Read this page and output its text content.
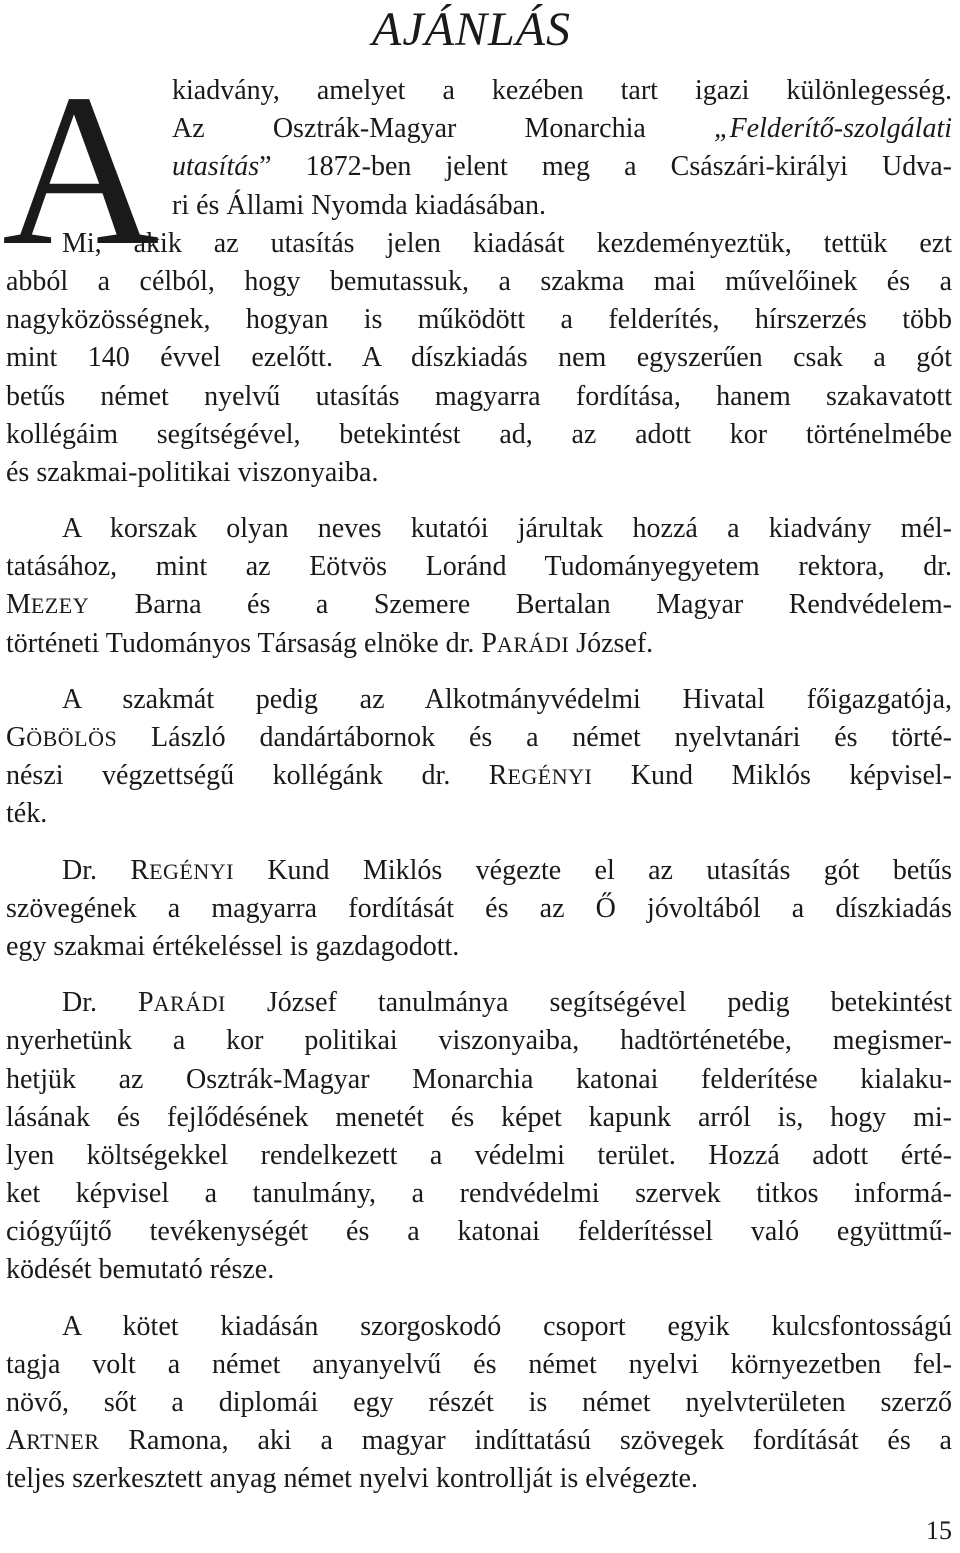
AJÁNLÁS
A kiadvány, amelyet a kezében tart igazi különlegesség.
Az Osztrák-Magyar Monarchia „Felderítő-szolgálati
utasítás” 1872-ben jelent meg a Császári-királyi Udva-
ri és Állami Nyomda kiadásában.
Mi, akik az utasítás jelen kiadását kezdeményeztük, tettük ezt
abból a célból, hogy bemutassuk, a szakma mai művelőinek és a
nagyközösségnek, hogyan is működött a felderítés, hírszerzés több
mint 140 évvel ezelőtt. A díszkiadás nem egyszerűen csak a gót
betűs német nyelvű utasítás magyarra fordítása, hanem szakavatott
kollégáim segítségével, betekintést ad, az adott kor történelmébe
és szakmai-politikai viszonyaiba.
A korszak olyan neves kutatói járultak hozzá a kiadvány mél-
tatásához, mint az Eötvös Loránd Tudományegyetem rektora, dr.
MEZEY Barna és a Szemere Bertalan Magyar Rendvédelem-
történeti Tudományos Társaság elnöke dr. PARÁDI József.
A szakmát pedig az Alkotmányvédelmi Hivatal főigazgatója,
GÖBÖLÖS László dandártábornok és a német nyelvtanári és törté-
nészi végzettségű kollégánk dr. REGÉNYI Kund Miklós képvisel-
ték.
Dr. REGÉNYI Kund Miklós végezte el az utasítás gót betűs
szövegének a magyarra fordítását és az Ő jóvoltából a díszkiadás
egy szakmai értékeléssel is gazdagodott.
Dr. PARÁDI József tanulmánya segítségével pedig betekintést
nyerhetünk a kor politikai viszonyaiba, hadtörténetébe, megismer-
hetjük az Osztrák-Magyar Monarchia katonai felderítése kialaku-
lásának és fejlődésének menetét és képet kapunk arról is, hogy mi-
lyen költségekkel rendelkezett a védelmi terület. Hozzá adott érté-
ket képvisel a tanulmány, a rendvédelmi szervek titkos informá-
ciógyűjtő tevékenységét és a katonai felderítéssel való együttmű-
ködését bemutató része.
A kötet kiadásán szorgoskodó csoport egyik kulcsfontosságú
tagja volt a német anyanyelvű és német nyelvi környezetben fel-
növő, sőt a diplomái egy részét is német nyelvterületen szerző
ARTNER Ramona, aki a magyar indíttatású szövegek fordítását és a
teljes szerkesztett anyag német nyelvi kontrollját is elvégezte.
15
